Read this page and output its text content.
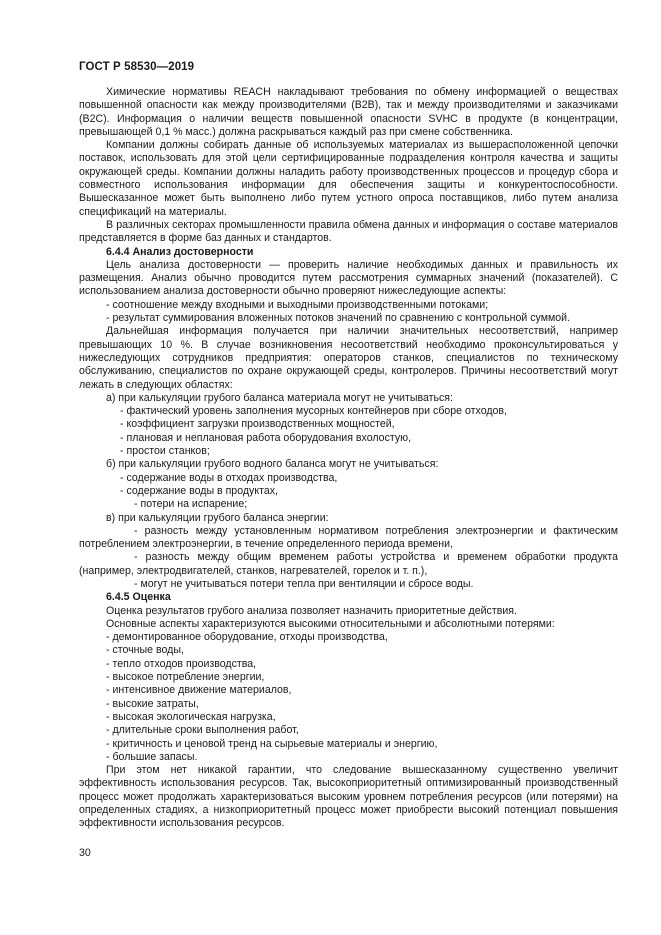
ГОСТ Р 58530—2019

Химические нормативы REACH накладывают требования по обмену информацией о веществах повышенной опасности как между производителями (B2B), так и между производителями и заказчиками (B2C). Информация о наличии веществ повышенной опасности SVHC в продукте (в концентрации, превышающей 0,1 % масс.) должна раскрываться каждый раз при смене собственника.

Компании должны собирать данные об используемых материалах из вышерасположенной цепочки поставок, использовать для этой цели сертифицированные подразделения контроля качества и защиты окружающей среды. Компании должны наладить работу производственных процессов и процедур сбора и совместного использования информации для обеспечения защиты и конкурентоспособности. Вышесказанное может быть выполнено либо путем устного опроса поставщиков, либо путем анализа спецификаций на материалы.

В различных секторах промышленности правила обмена данных и информация о составе материалов представляется в форме баз данных и стандартов.

6.4.4 Анализ достоверности

Цель анализа достоверности — проверить наличие необходимых данных и правильность их размещения. Анализ обычно проводится путем рассмотрения суммарных значений (показателей). С использованием анализа достоверности обычно проверяют нижеследующие аспекты:

- соотношение между входными и выходными производственными потоками;

- результат суммирования вложенных потоков значений по сравнению с контрольной суммой.

Дальнейшая информация получается при наличии значительных несоответствий, например превышающих 10 %. В случае возникновения несоответствий необходимо проконсультироваться у нижеследующих сотрудников предприятия: операторов станков, специалистов по техническому обслуживанию, специалистов по охране окружающей среды, контролеров. Причины несоответствий могут лежать в следующих областях:

а) при калькуляции грубого баланса материала могут не учитываться:

- фактический уровень заполнения мусорных контейнеров при сборе отходов,

- коэффициент загрузки производственных мощностей,

- плановая и неплановая работа оборудования вхолостую,

- простои станков;

б) при калькуляции грубого водного баланса могут не учитываться:

- содержание воды в отходах производства,

- содержание воды в продуктах,

- потери на испарение;

в) при калькуляции грубого баланса энергии:

- разность между установленным нормативом потребления электроэнергии и фактическим потреблением электроэнергии, в течение определенного периода времени,

- разность между общим временем работы устройства и временем обработки продукта (например, электродвигателей, станков, нагревателей, горелок и т. п.),

- могут не учитываться потери тепла при вентиляции и сбросе воды.

6.4.5 Оценка

Оценка результатов грубого анализа позволяет назначить приоритетные действия.

Основные аспекты характеризуются высокими относительными и абсолютными потерями:

- демонтированное оборудование, отходы производства,

- сточные воды,

- тепло отходов производства,

- высокое потребление энергии,

- интенсивное движение материалов,

- высокие затраты,

- высокая экологическая нагрузка,

- длительные сроки выполнения работ,

- критичность и ценовой тренд на сырьевые материалы и энергию,

- большие запасы.

При этом нет никакой гарантии, что следование вышесказанному существенно увеличит эффективность использования ресурсов. Так, высокоприоритетный оптимизированный производственный процесс может продолжать характеризоваться высоким уровнем потребления ресурсов (или потерями) на определенных стадиях, а низкоприоритетный процесс может приобрести высокий потенциал повышения эффективности использования ресурсов.

30
